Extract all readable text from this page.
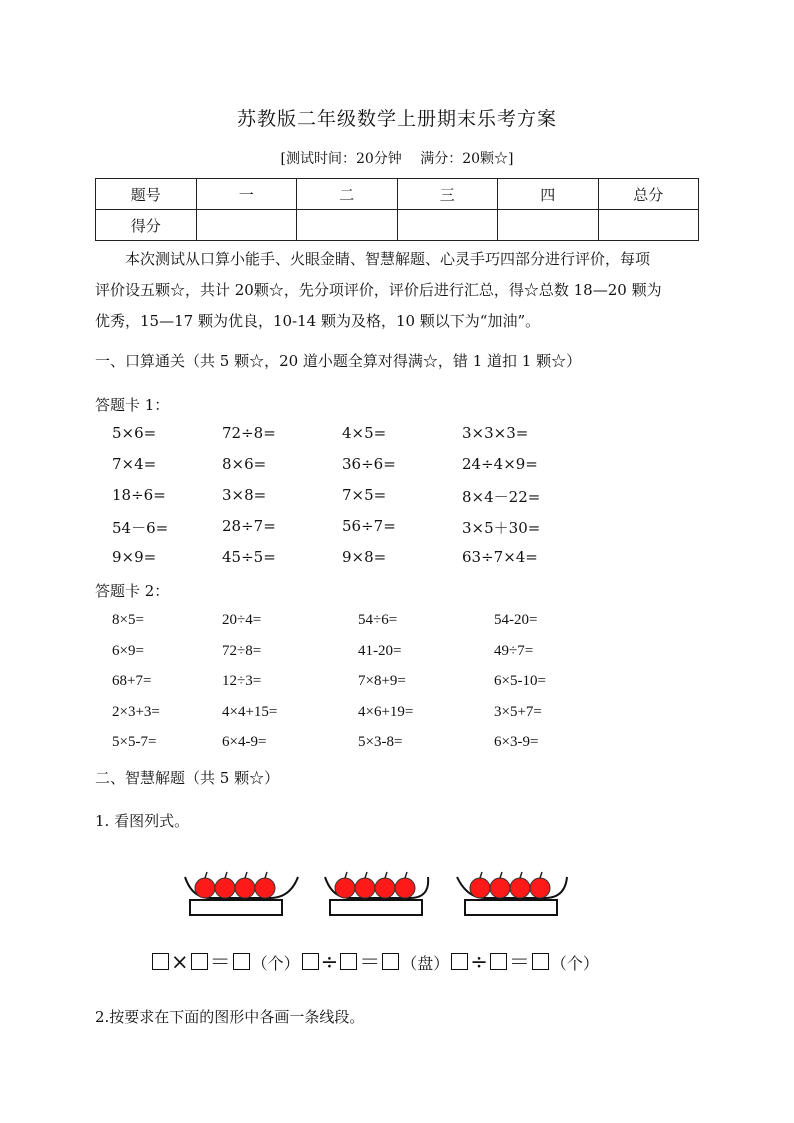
苏教版二年级数学上册期末乐考方案
[测试时间：20分钟　 满分：20颗☆]
题号	一	二	三	四	总分
得分					
本次测试从口算小能手、火眼金睛、智慧解题、心灵手巧四部分进行评价，每项
评价设五颗☆，共计 20颗☆，先分项评价，评价后进行汇总，得☆总数 18—20 颗为
优秀，15—17 颗为优良，10-14 颗为及格，10 颗以下为“加油”。
一、口算通关（共 5 颗☆，20 道小题全算对得满☆，错 1 道扣 1 颗☆）
答题卡 1：
5×6=	72÷8=	4×5=	3×3×3=
7×4=	8×6=	36÷6=	24÷4×9=
18÷6=	3×8=	7×5=	8×4－22=
54－6=	28÷7=	56÷7=	3×5＋30=
9×9=	45÷5=	9×8=	63÷7×4=
答题卡 2：
8×5=	20÷4=	54÷6=	54-20=
6×9=	72÷8=	41-20=	49÷7=
68+7=	12÷3=	7×8+9=	6×5-10=
2×3+3=	4×4+15=	4×6+19=	3×5+7=
5×5-7=	6×4-9=	5×3-8=	6×3-9=
二、智慧解题（共 5 颗☆）
1. 看图列式。
× ＝ （个） ÷ ＝ （盘） ÷ ＝ （个）
2.按要求在下面的图形中各画一条线段。
